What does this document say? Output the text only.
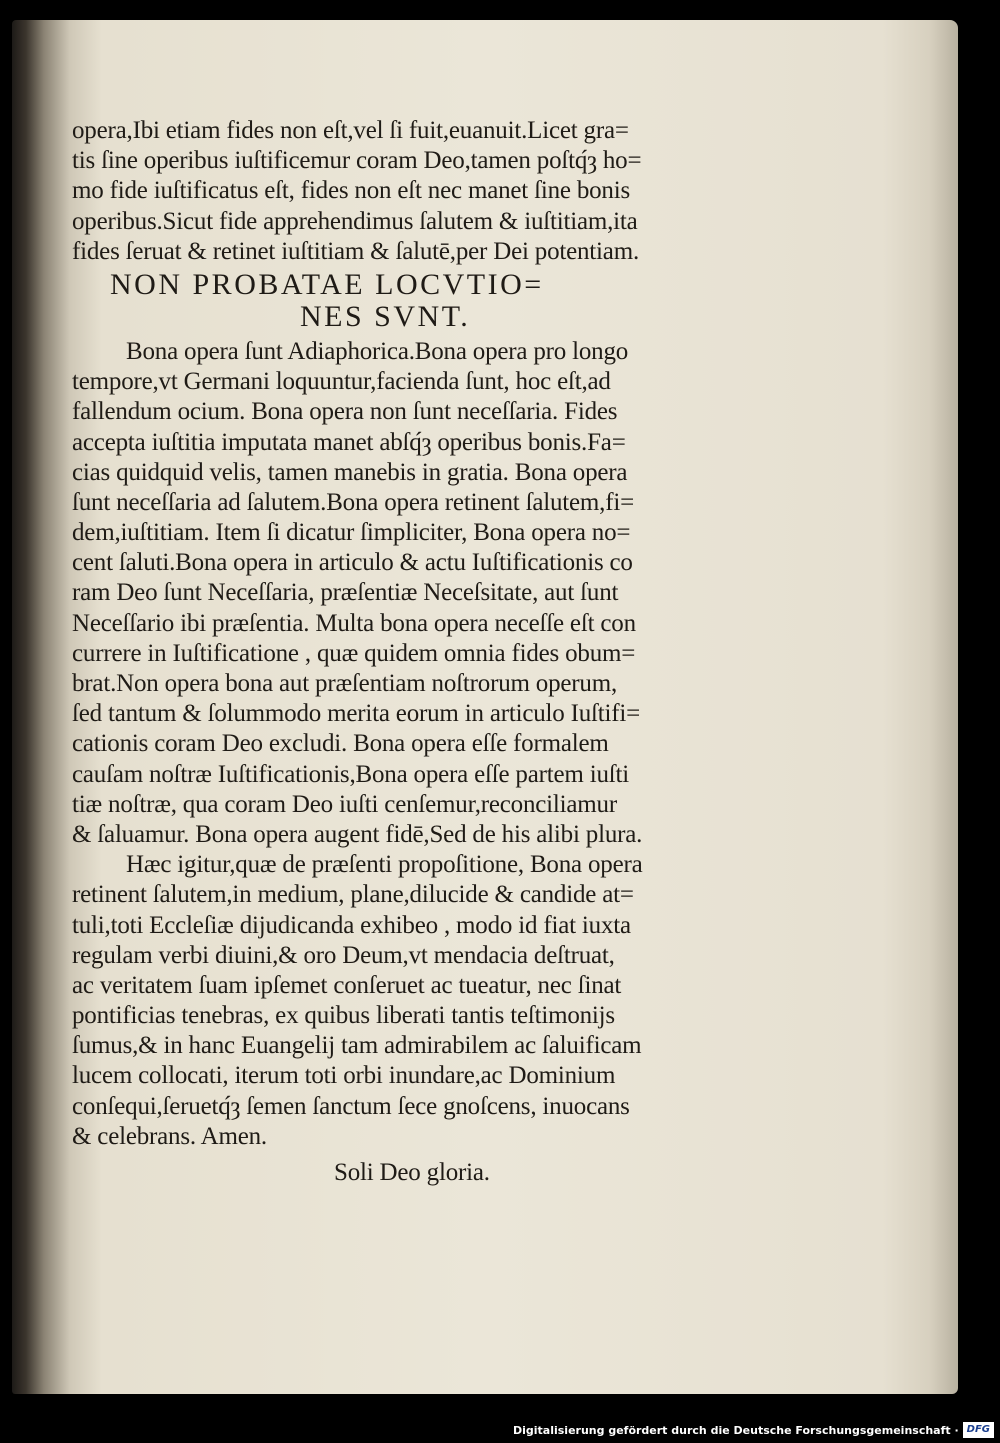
opera,Ibi etiam fides non eſt,vel ſi fuit,euanuit.Licet gra=
tis ſine operibus iuſtificemur coram Deo,tamen poſtq́ȝ ho=
mo fide iuſtificatus eſt, fides non eſt nec manet ſine bonis
operibus.Sicut fide apprehendimus ſalutem & iuſtitiam,ita
fides ſeruat & retinet iuſtitiam & ſalutē,per Dei potentiam.
NON PROBATAE LOCVTIO=
NES SVNT.
Bona opera ſunt Adiaphorica.Bona opera pro longo
tempore,vt Germani loquuntur,facienda ſunt, hoc eſt,ad
fallendum ocium. Bona opera non ſunt neceſſaria. Fides
accepta iuſtitia imputata manet abſq́ȝ operibus bonis.Fa=
cias quidquid velis, tamen manebis in gratia. Bona opera
ſunt neceſſaria ad ſalutem.Bona opera retinent ſalutem,fi=
dem,iuſtitiam. Item ſi dicatur ſimpliciter, Bona opera no=
cent ſaluti.Bona opera in articulo & actu Iuſtificationis co
ram Deo ſunt Neceſſaria, præſentiæ Neceſsitate, aut ſunt
Neceſſario ibi præſentia. Multa bona opera neceſſe eſt con
currere in Iuſtificatione , quæ quidem omnia fides obum=
brat.Non opera bona aut præſentiam noſtrorum operum,
ſed tantum & ſolummodo merita eorum in articulo Iuſtifi=
cationis coram Deo excludi. Bona opera eſſe formalem
cauſam noſtræ Iuſtificationis,Bona opera eſſe partem iuſti
tiæ noſtræ, qua coram Deo iuſti cenſemur,reconciliamur
& ſaluamur. Bona opera augent fidē,Sed de his alibi plura.
Hæc igitur,quæ de præſenti propoſitione, Bona opera
retinent ſalutem,in medium, plane,dilucide & candide at=
tuli,toti Eccleſiæ dijudicanda exhibeo , modo id fiat iuxta
regulam verbi diuini,& oro Deum,vt mendacia deſtruat,
ac veritatem ſuam ipſemet conſeruet ac tueatur, nec ſinat
pontificias tenebras, ex quibus liberati tantis teſtimonijs
ſumus,& in hanc Euangelij tam admirabilem ac ſaluificam
lucem collocati, iterum toti orbi inundare,ac Dominium
conſequi,ſeruetq́ȝ ſemen ſanctum ſece gnoſcens, inuocans
& celebrans. Amen.
Soli Deo gloria.
Digitalisierung gefördert durch die Deutsche Forschungsgemeinschaft · DFG
